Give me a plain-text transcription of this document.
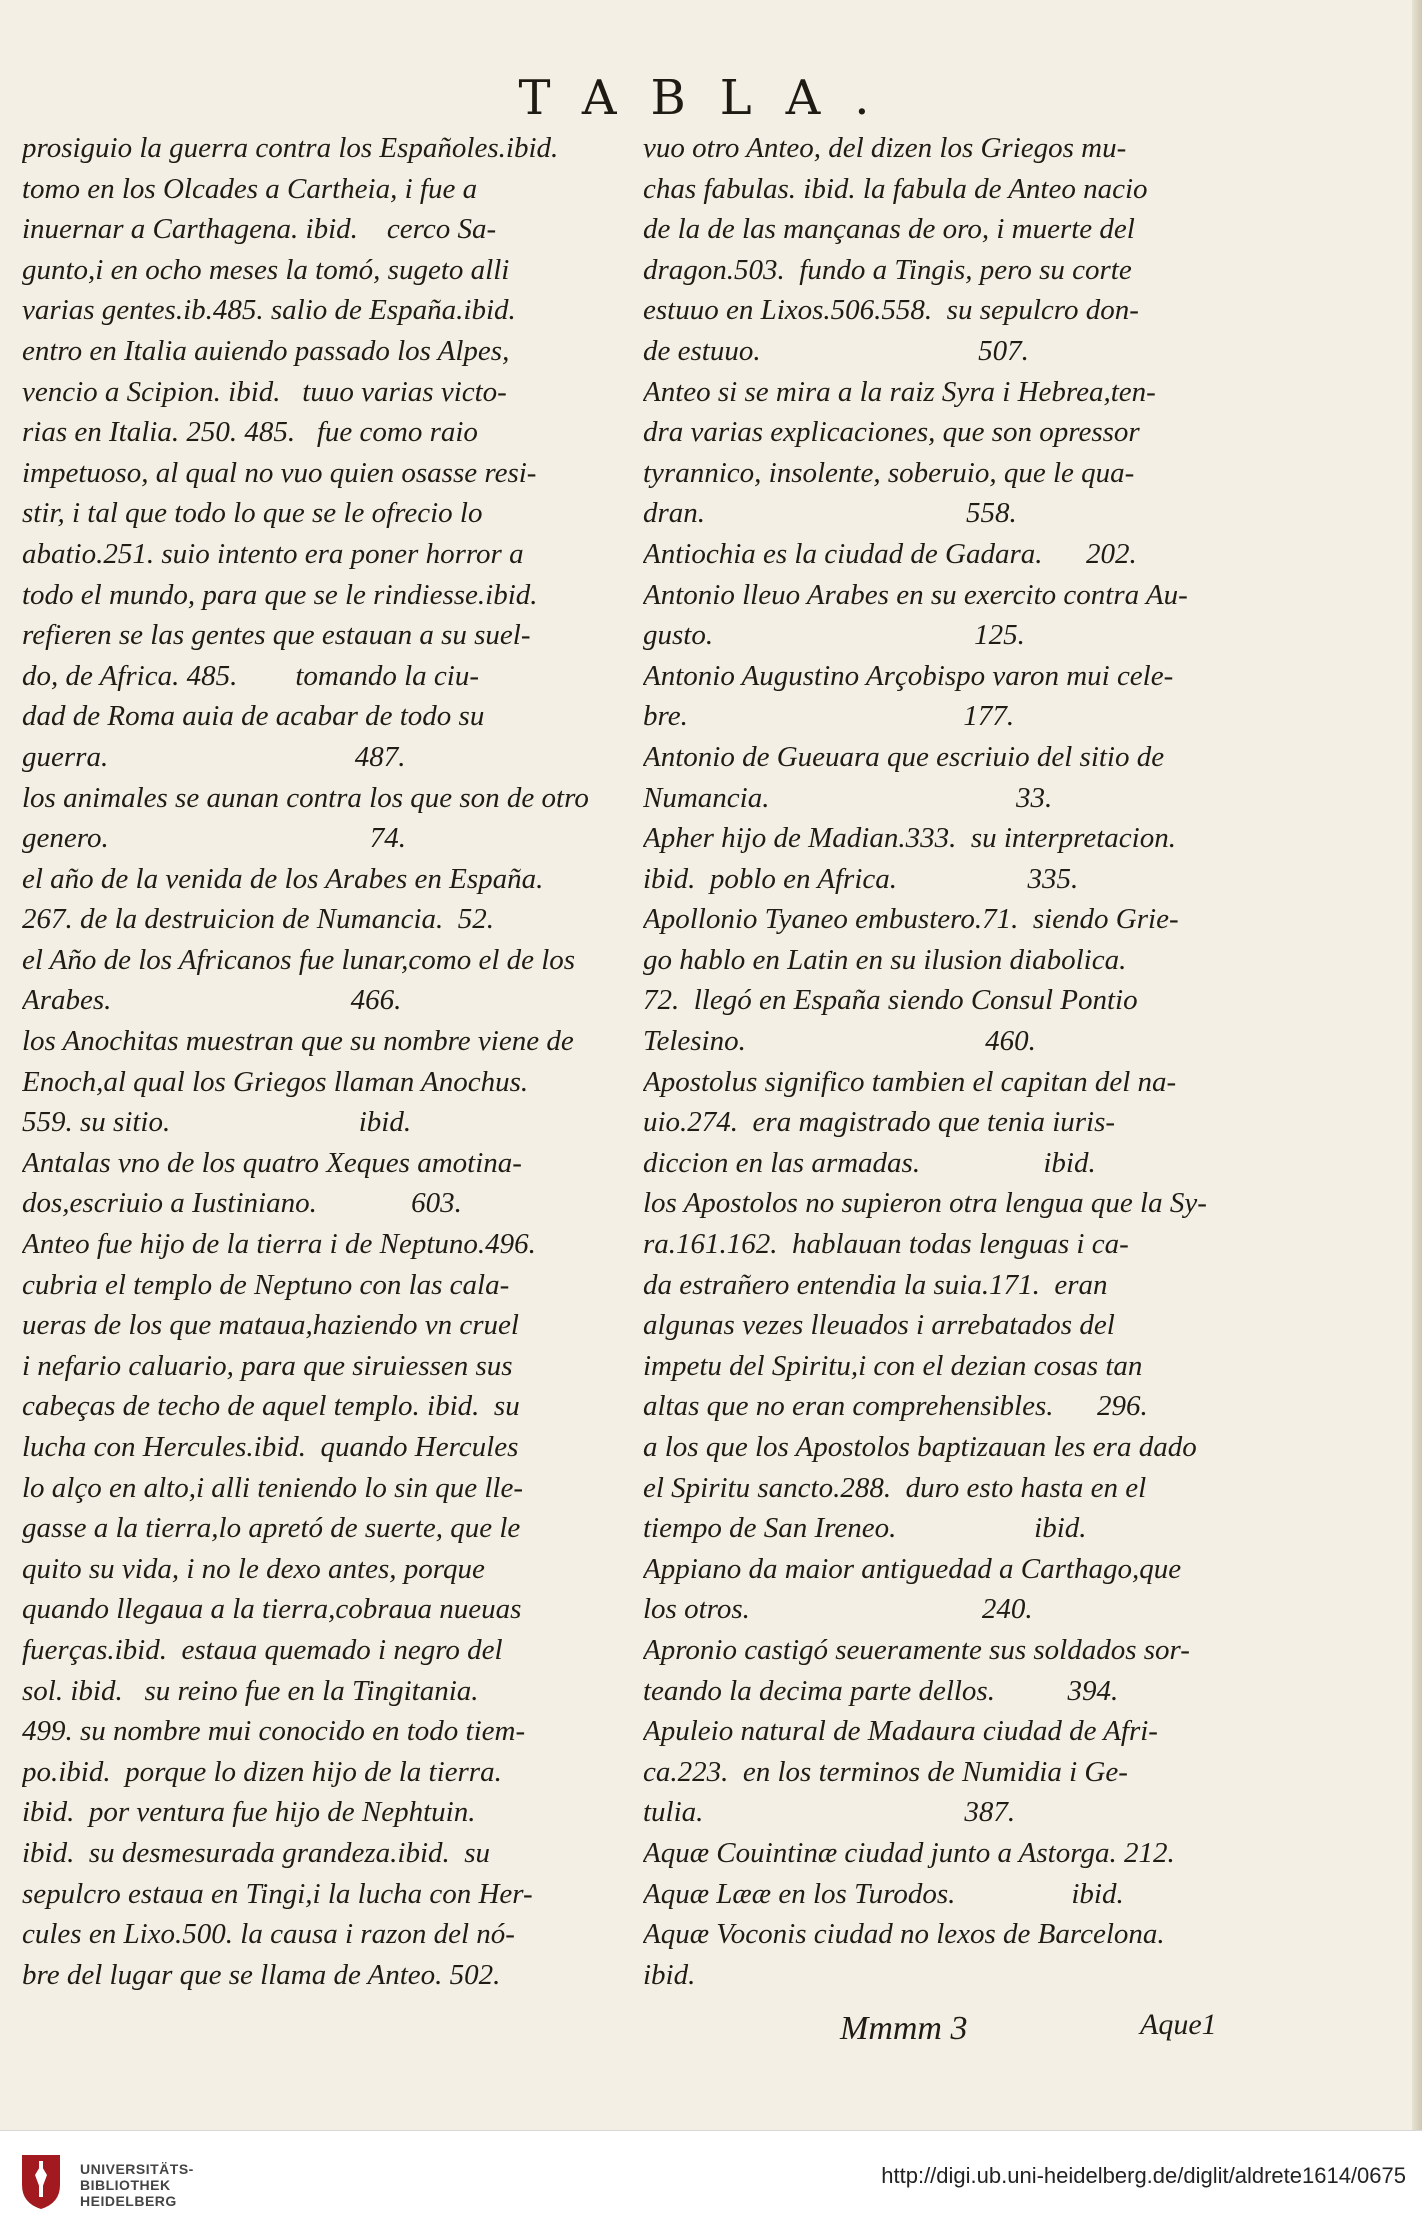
TABLA.
prosiguio la guerra contra los Españoles.ibid.
tomo en los Olcades a Cartheia, i fue a
inuernar a Carthagena. ibid.    cerco Sa-
gunto,i en ocho meses la tomó, sugeto alli
varias gentes.ib.485. salio de España.ibid.
entro en Italia auiendo passado los Alpes,
vencio a Scipion. ibid.   tuuo varias victo-
rias en Italia. 250. 485.   fue como raio
impetuoso, al qual no vuo quien osasse resi-
stir, i tal que todo lo que se le ofrecio lo
abatio.251. suio intento era poner horror a
todo el mundo, para que se le rindiesse.ibid.
refieren se las gentes que estauan a su suel-
do, de Africa. 485.        tomando la ciu-
dad de Roma auia de acabar de todo su
guerra.                                  487.
los animales se aunan contra los que son de otro
genero.                                    74.
el año de la venida de los Arabes en España.
267. de la destruicion de Numancia.  52.
el Año de los Africanos fue lunar,como el de los
Arabes.                                 466.
los Anochitas muestran que su nombre viene de
Enoch,al qual los Griegos llaman Anochus.
559. su sitio.                          ibid.
Antalas vno de los quatro Xeques amotina-
dos,escriuio a Iustiniano.             603.
Anteo fue hijo de la tierra i de Neptuno.496.
cubria el templo de Neptuno con las cala-
ueras de los que mataua,haziendo vn cruel
i nefario caluario, para que siruiessen sus
cabeças de techo de aquel templo. ibid.  su
lucha con Hercules.ibid.  quando Hercules
lo alço en alto,i alli teniendo lo sin que lle-
gasse a la tierra,lo apretó de suerte, que le
quito su vida, i no le dexo antes, porque
quando llegaua a la tierra,cobraua nueuas
fuerças.ibid.  estaua quemado i negro del
sol. ibid.   su reino fue en la Tingitania.
499. su nombre mui conocido en todo tiem-
po.ibid.  porque lo dizen hijo de la tierra.
ibid.  por ventura fue hijo de Nephtuin.
ibid.  su desmesurada grandeza.ibid.  su
sepulcro estaua en Tingi,i la lucha con Her-
cules en Lixo.500. la causa i razon del nó-
bre del lugar que se llama de Anteo. 502.
vuo otro Anteo, del dizen los Griegos mu-
chas fabulas. ibid. la fabula de Anteo nacio
de la de las mançanas de oro, i muerte del
dragon.503.  fundo a Tingis, pero su corte
estuuo en Lixos.506.558.  su sepulcro don-
de estuuo.                              507.
Anteo si se mira a la raiz Syra i Hebrea,ten-
dra varias explicaciones, que son opressor
tyrannico, insolente, soberuio, que le qua-
dran.                                    558.
Antiochia es la ciudad de Gadara.      202.
Antonio lleuo Arabes en su exercito contra Au-
gusto.                                    125.
Antonio Augustino Arçobispo varon mui cele-
bre.                                      177.
Antonio de Gueuara que escriuio del sitio de
Numancia.                                  33.
Apher hijo de Madian.333.  su interpretacion.
ibid.  poblo en Africa.                  335.
Apollonio Tyaneo embustero.71.  siendo Grie-
go hablo en Latin en su ilusion diabolica.
72.  llegó en España siendo Consul Pontio
Telesino.                                 460.
Apostolus significo tambien el capitan del na-
uio.274.  era magistrado que tenia iuris-
diccion en las armadas.                 ibid.
los Apostolos no supieron otra lengua que la Sy-
ra.161.162.  hablauan todas lenguas i ca-
da estrañero entendia la suia.171.  eran
algunas vezes lleuados i arrebatados del
impetu del Spiritu,i con el dezian cosas tan
altas que no eran comprehensibles.      296.
a los que los Apostolos baptizauan les era dado
el Spiritu sancto.288.  duro esto hasta en el
tiempo de San Ireneo.                   ibid.
Appiano da maior antiguedad a Carthago,que
los otros.                                240.
Apronio castigó seueramente sus soldados sor-
teando la decima parte dellos.          394.
Apuleio natural de Madaura ciudad de Afri-
ca.223.  en los terminos de Numidia i Ge-
tulia.                                    387.
Aquæ Couintinæ ciudad junto a Astorga. 212.
Aquæ Lææ en los Turodos.                ibid.
Aquæ Voconis ciudad no lexos de Barcelona.
ibid.
Mmmm 3	Aque1
UNIVERSITÄTS-
BIBLIOTHEK
HEIDELBERG
http://digi.ub.uni-heidelberg.de/diglit/aldrete1614/0675
